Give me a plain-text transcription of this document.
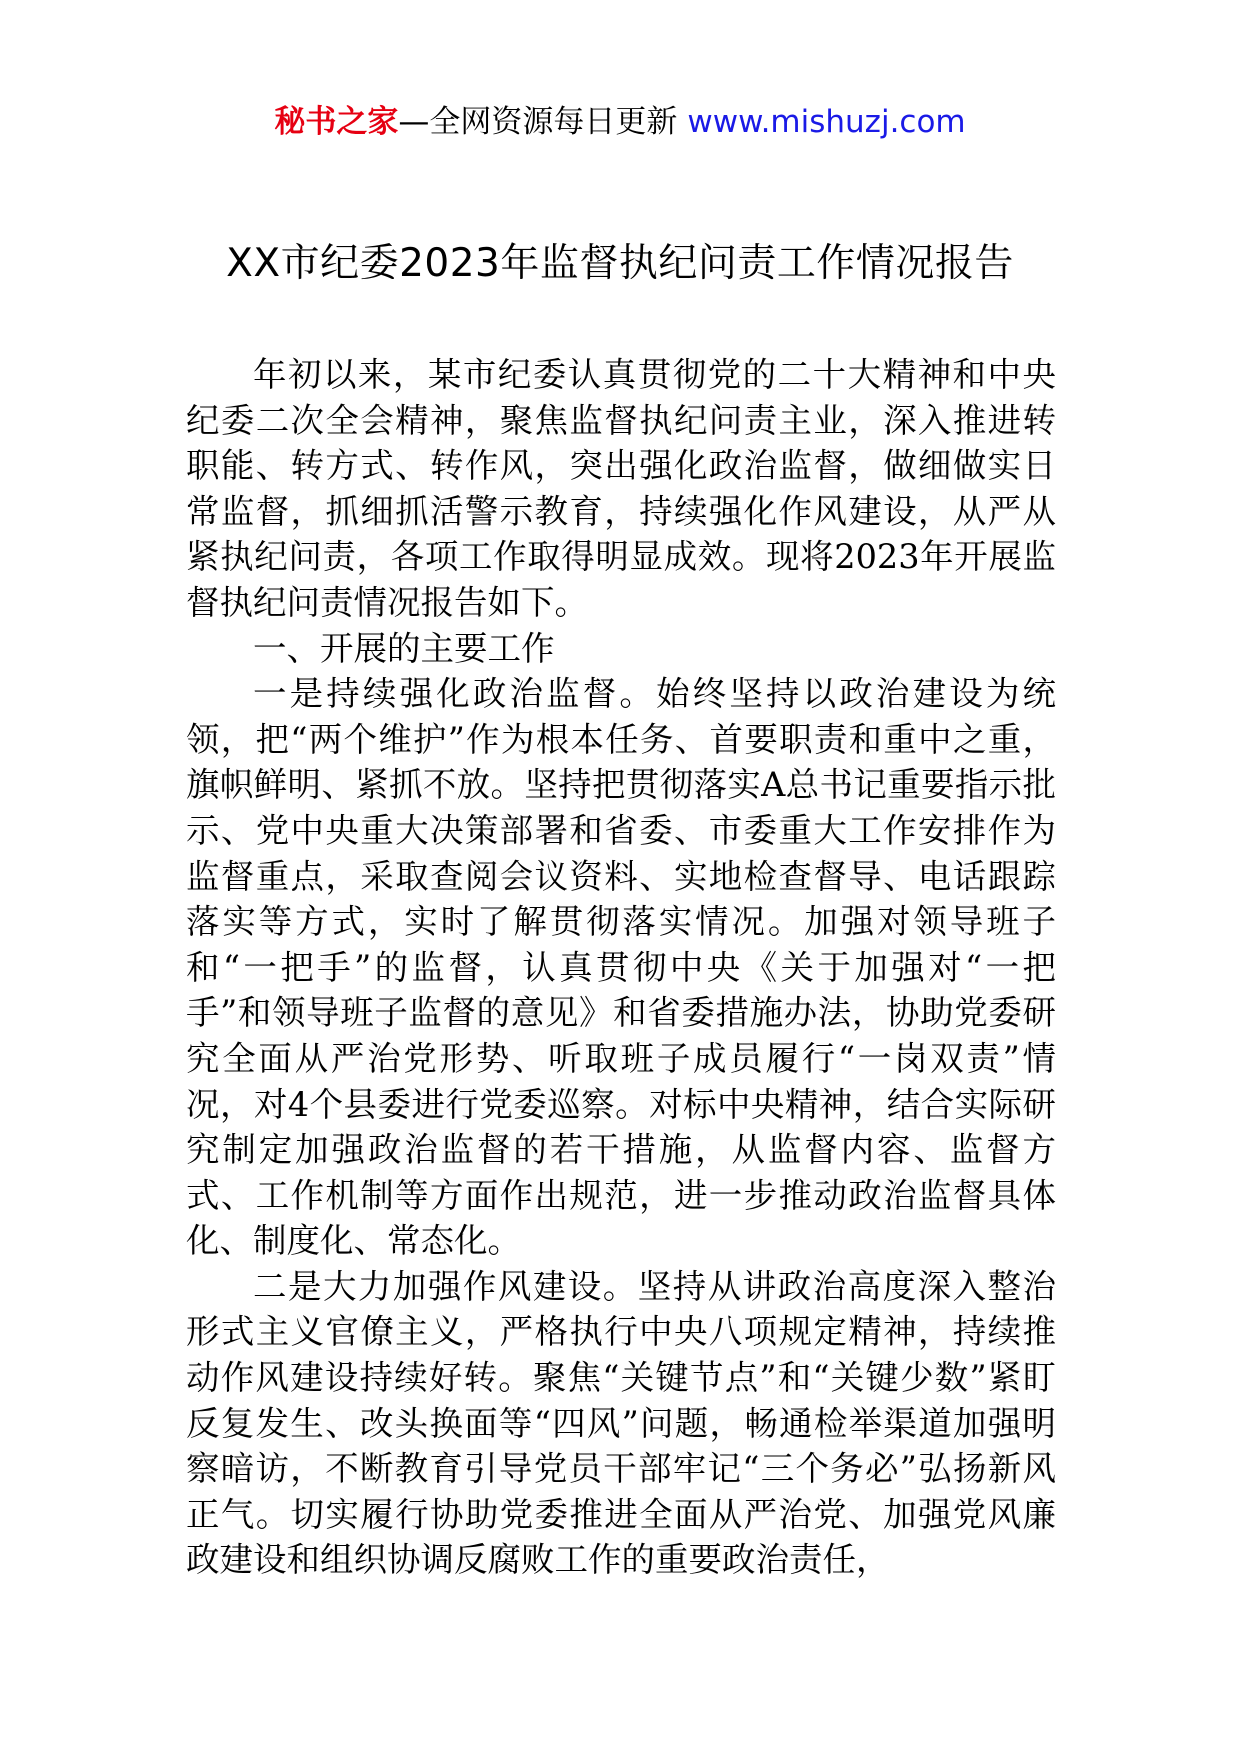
秘书之家—全网资源每日更新 www.mishuzj.com
XX市纪委2023年监督执纪问责工作情况报告

年初以来，某市纪委认真贯彻党的二十大精神和中央纪委二次全会精神，聚焦监督执纪问责主业，深入推进转职能、转方式、转作风，突出强化政治监督，做细做实日常监督，抓细抓活警示教育，持续强化作风建设，从严从紧执纪问责，各项工作取得明显成效。现将2023年开展监督执纪问责情况报告如下。

一、开展的主要工作

一是持续强化政治监督。始终坚持以政治建设为统领，把“两个维护”作为根本任务、首要职责和重中之重，旗帜鲜明、紧抓不放。坚持把贯彻落实A总书记重要指示批示、党中央重大决策部署和省委、市委重大工作安排作为监督重点，采取查阅会议资料、实地检查督导、电话跟踪落实等方式，实时了解贯彻落实情况。加强对领导班子和“一把手”的监督，认真贯彻中央《关于加强对“一把手”和领导班子监督的意见》和省委措施办法，协助党委研究全面从严治党形势、听取班子成员履行“一岗双责”情况，对4个县委进行党委巡察。对标中央精神，结合实际研究制定加强政治监督的若干措施，从监督内容、监督方式、工作机制等方面作出规范，进一步推动政治监督具体化、制度化、常态化。

二是大力加强作风建设。坚持从讲政治高度深入整治形式主义官僚主义，严格执行中央八项规定精神，持续推动作风建设持续好转。聚焦“关键节点”和“关键少数”紧盯反复发生、改头换面等“四风”问题，畅通检举渠道加强明察暗访，不断教育引导党员干部牢记“三个务必”弘扬新风正气。切实履行协助党委推进全面从严治党、加强党风廉政建设和组织协调反腐败工作的重要政治责任，
